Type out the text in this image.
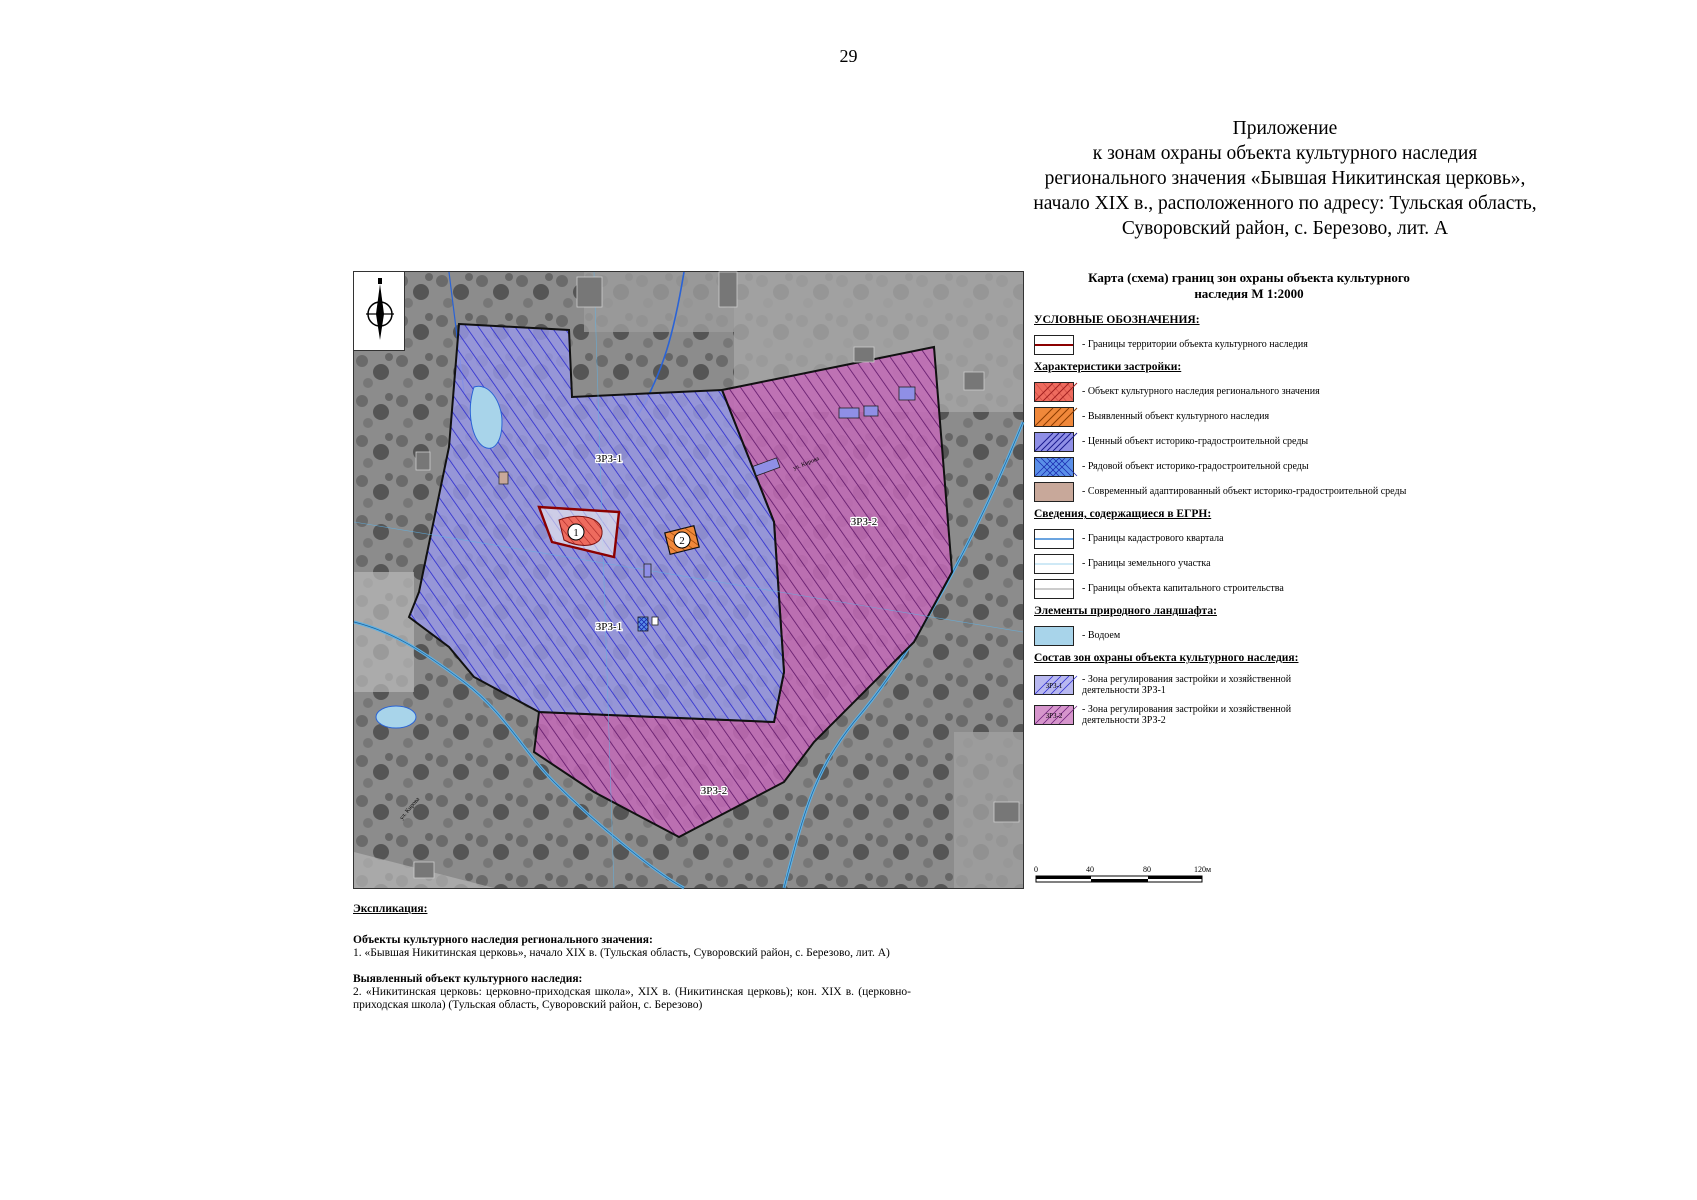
29
Приложение
к зонам охраны объекта культурного наследия
регионального значения «Бывшая Никитинская церковь»,
начало XIX в., расположенного по адресу: Тульская область,
Суворовский район, с. Березово, лит. А
1
2
ЗРЗ-1
ЗРЗ-1
ЗРЗ-2
ЗРЗ-2
ул. Кирова
ул. Кирова
Карта (схема) границ зон охраны объекта культурного
наследия М 1:2000
УСЛОВНЫЕ ОБОЗНАЧЕНИЯ:
- Границы территории объекта культурного наследия
Характеристики застройки:
- Объект культурного наследия регионального значения
- Выявленный объект культурного наследия
- Ценный объект историко-градостроительной среды
- Рядовой объект историко-градостроительной среды
- Современный адаптированный объект историко-градостроительной среды
Сведения, содержащиеся в ЕГРН:
- Границы кадастрового квартала
- Границы земельного участка
- Границы объекта капитального строительства
Элементы природного ландшафта:
- Водоем
Состав зон охраны объекта культурного наследия:
ЗРЗ-1
- Зона регулирования застройки и хозяйственной
деятельности ЗРЗ-1
ЗРЗ-2
- Зона регулирования застройки и хозяйственной
деятельности ЗРЗ-2
0	40	80	120м
Экспликация:
Объекты культурного наследия регионального значения:
1. «Бывшая Никитинская церковь», начало XIX в. (Тульская область, Суворовский район, с. Березово, лит. А)
Выявленный объект культурного наследия:
2. «Никитинская церковь: церковно-приходская школа», XIX в. (Никитинская церковь); кон. XIX в. (церковно-приходская школа) (Тульская область, Суворовский район, с. Березово)
